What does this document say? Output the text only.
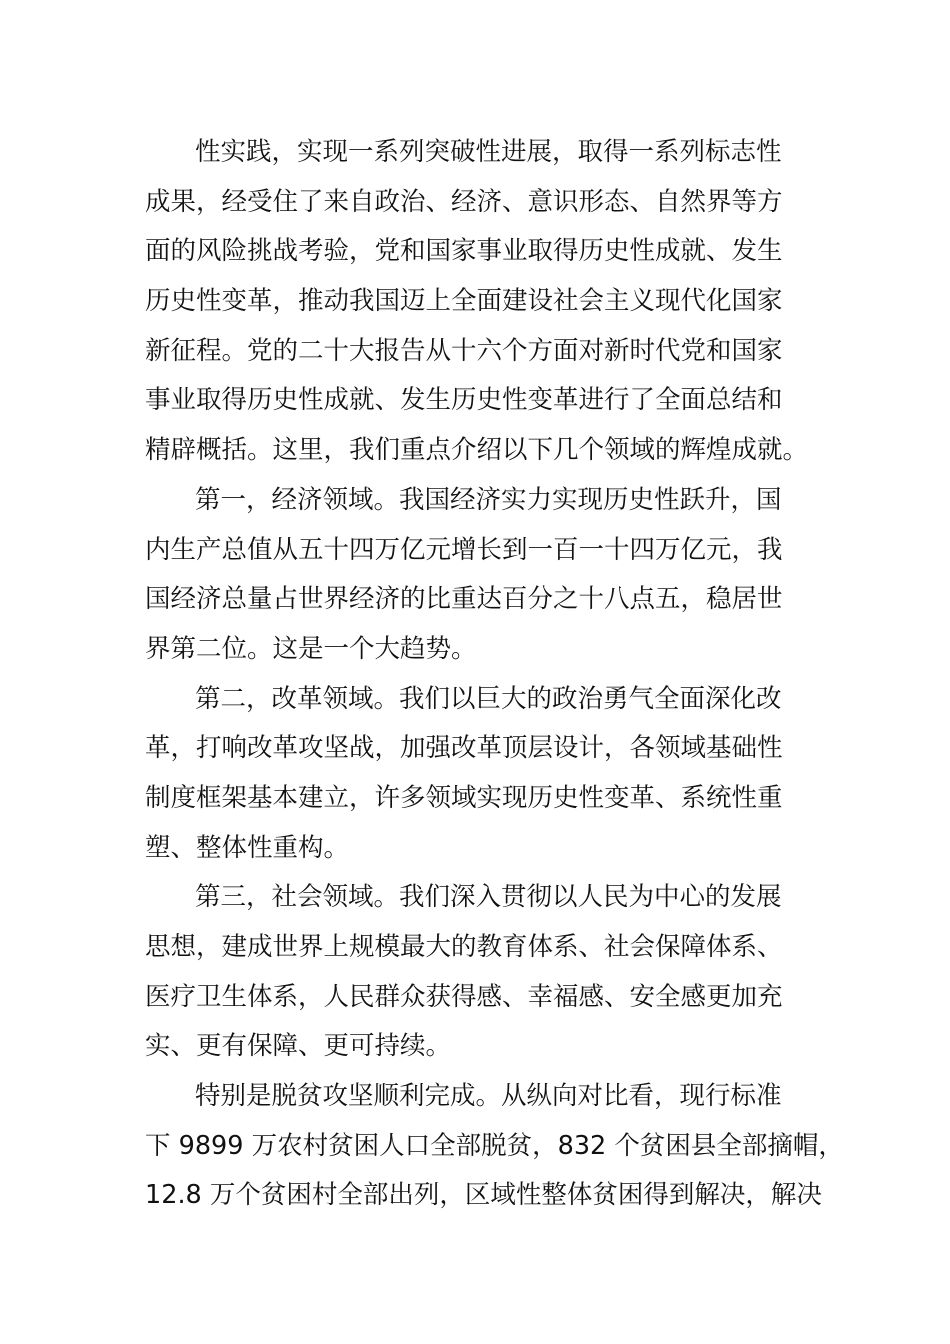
性实践，实现一系列突破性进展，取得一系列标志性
成果，经受住了来自政治、经济、意识形态、自然界等方
面的风险挑战考验，党和国家事业取得历史性成就、发生
历史性变革，推动我国迈上全面建设社会主义现代化国家
新征程。党的二十大报告从十六个方面对新时代党和国家
事业取得历史性成就、发生历史性变革进行了全面总结和
精辟概括。这里，我们重点介绍以下几个领域的辉煌成就。
第一，经济领域。我国经济实力实现历史性跃升，国
内生产总值从五十四万亿元增长到一百一十四万亿元，我
国经济总量占世界经济的比重达百分之十八点五，稳居世
界第二位。这是一个大趋势。
第二，改革领域。我们以巨大的政治勇气全面深化改
革，打响改革攻坚战，加强改革顶层设计，各领域基础性
制度框架基本建立，许多领域实现历史性变革、系统性重
塑、整体性重构。
第三，社会领域。我们深入贯彻以人民为中心的发展
思想，建成世界上规模最大的教育体系、社会保障体系、
医疗卫生体系，人民群众获得感、幸福感、安全感更加充
实、更有保障、更可持续。
特别是脱贫攻坚顺利完成。从纵向对比看，现行标准
下 9899 万农村贫困人口全部脱贫，832 个贫困县全部摘帽，
12.8 万个贫困村全部出列，区域性整体贫困得到解决，解决
